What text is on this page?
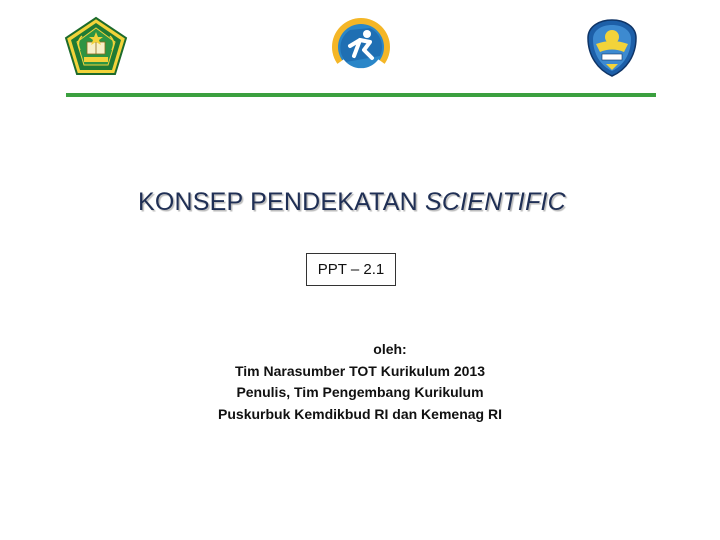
KONSEP PENDEKATAN SCIENTIFIC
PPT – 2.1
oleh:
Tim Narasumber TOT Kurikulum 2013
Penulis, Tim Pengembang Kurikulum
Puskurbuk Kemdikbud RI dan Kemenag RI
